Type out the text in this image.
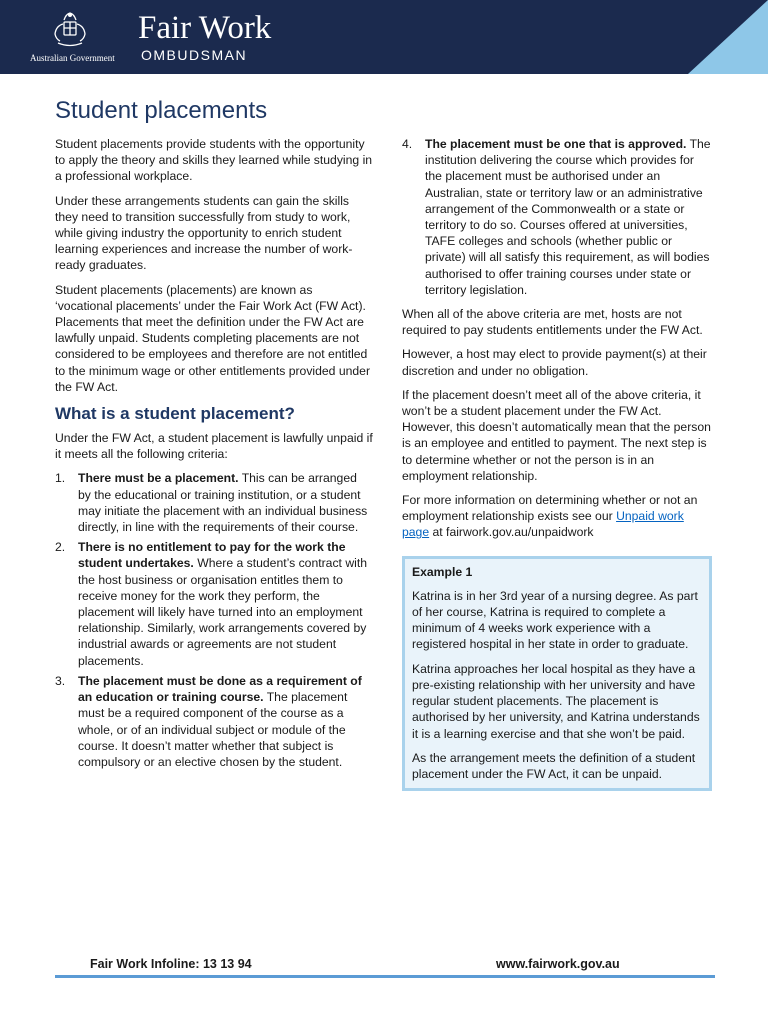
Australian Government
Fair Work
OMBUDSMAN
Student placements

Student placements provide students with the opportunity to apply the theory and skills they learned while studying in a professional workplace.

Under these arrangements students can gain the skills they need to transition successfully from study to work, while giving industry the opportunity to enrich student learning experiences and increase the number of work-ready graduates.

Student placements (placements) are known as ‘vocational placements’ under the Fair Work Act (FW Act). Placements that meet the definition under the FW Act are lawfully unpaid. Students completing placements are not considered to be employees and therefore are not entitled to the minimum wage or other entitlements provided under the FW Act.

What is a student placement?

Under the FW Act, a student placement is lawfully unpaid if it meets all the following criteria:

1. There must be a placement. This can be arranged by the educational or training institution, or a student may initiate the placement with an individual business directly, in line with the requirements of their course.
2. There is no entitlement to pay for the work the student undertakes. Where a student’s contract with the host business or organisation entitles them to receive money for the work they perform, the placement will likely have turned into an employment relationship. Similarly, work arrangements covered by industrial awards or agreements are not student placements.
3. The placement must be done as a requirement of an education or training course. The placement must be a required component of the course as a whole, or of an individual subject or module of the course. It doesn’t matter whether that subject is compulsory or an elective chosen by the student.
4. The placement must be one that is approved. The institution delivering the course which provides for the placement must be authorised under an Australian, state or territory law or an administrative arrangement of the Commonwealth or a state or territory to do so. Courses offered at universities, TAFE colleges and schools (whether public or private) will all satisfy this requirement, as will bodies authorised to offer training courses under state or territory legislation.

When all of the above criteria are met, hosts are not required to pay students entitlements under the FW Act.

However, a host may elect to provide payment(s) at their discretion and under no obligation.

If the placement doesn’t meet all of the above criteria, it won’t be a student placement under the FW Act. However, this doesn’t automatically mean that the person is an employee and entitled to payment. The next step is to determine whether or not the person is in an employment relationship.

For more information on determining whether or not an employment relationship exists see our Unpaid work page at fairwork.gov.au/unpaidwork

Example 1

Katrina is in her 3rd year of a nursing degree. As part of her course, Katrina is required to complete a minimum of 4 weeks work experience with a registered hospital in her state in order to graduate.

Katrina approaches her local hospital as they have a pre-existing relationship with her university and have regular student placements. The placement is authorised by her university, and Katrina understands it is a learning exercise and that she won’t be paid.

As the arrangement meets the definition of a student placement under the FW Act, it can be unpaid.

Fair Work Infoline: 13 13 94	www.fairwork.gov.au
